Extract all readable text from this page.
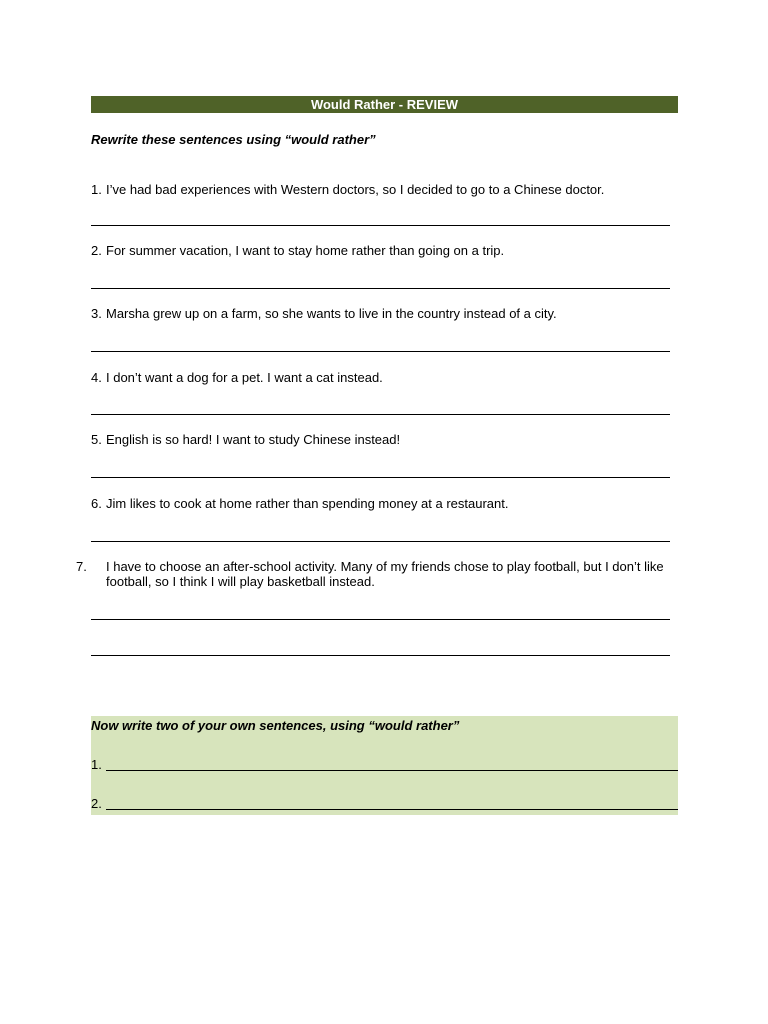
Would Rather - REVIEW
Rewrite these sentences using “would rather”
1. I’ve had bad experiences with Western doctors, so I decided to go to a Chinese doctor.
2. For summer vacation, I want to stay home rather than going on a trip.
3. Marsha grew up on a farm, so she wants to live in the country instead of a city.
4. I don’t want a dog for a pet. I want a cat instead.
5. English is so hard! I want to study Chinese instead!
6. Jim likes to cook at home rather than spending money at a restaurant.
7. I have to choose an after-school activity. Many of my friends chose to play football, but I don’t like football, so I think I will play basketball instead.
Now write two of your own sentences, using “would rather”
1.
2.
